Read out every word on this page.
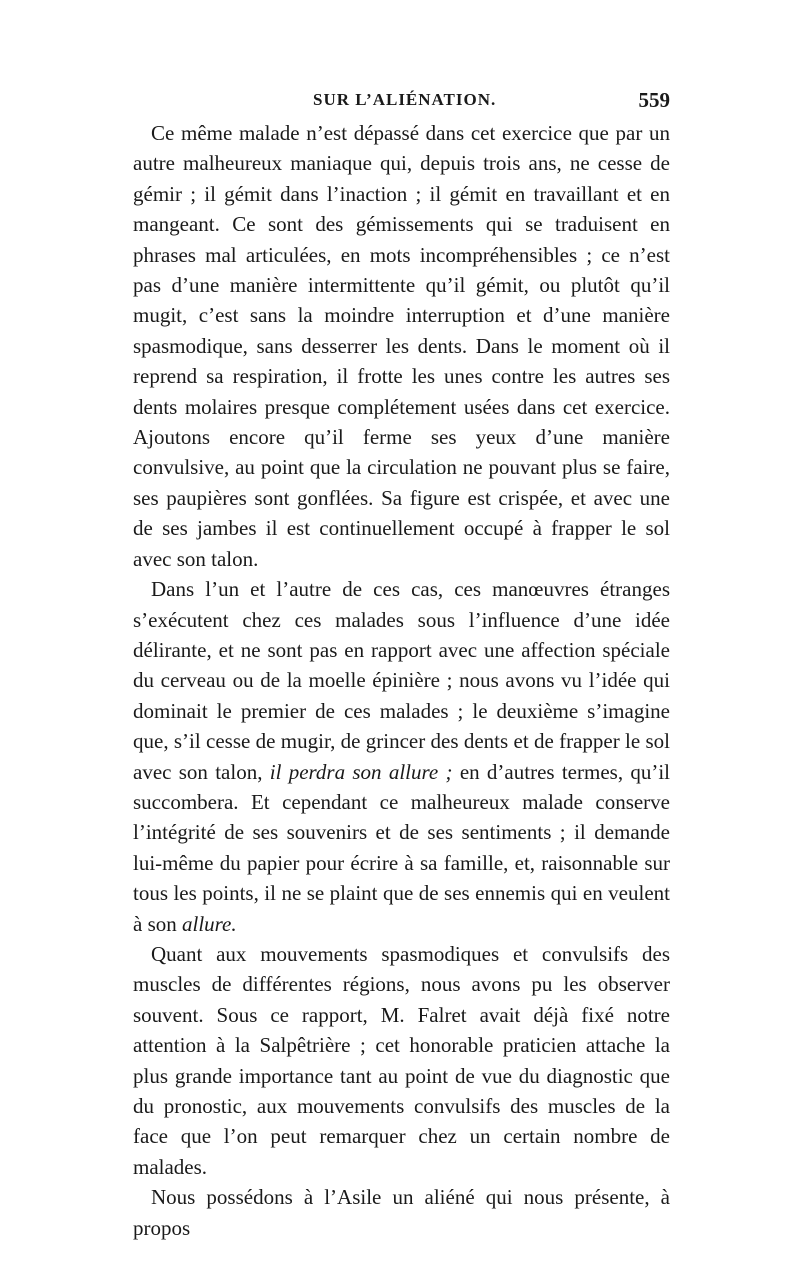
SUR L’ALIÉNATION.	559

Ce même malade n’est dépassé dans cet exercice que par un autre malheureux maniaque qui, depuis trois ans, ne cesse de gémir ; il gémit dans l’inaction ; il gémit en travaillant et en mangeant. Ce sont des gémissements qui se traduisent en phrases mal articulées, en mots incompréhensibles ; ce n’est pas d’une manière intermittente qu’il gémit, ou plutôt qu’il mugit, c’est sans la moindre interruption et d’une manière spasmodique, sans desserrer les dents. Dans le moment où il reprend sa respiration, il frotte les unes contre les autres ses dents molaires presque complétement usées dans cet exercice. Ajoutons encore qu’il ferme ses yeux d’une manière convulsive, au point que la circulation ne pouvant plus se faire, ses paupières sont gonflées. Sa figure est crispée, et avec une de ses jambes il est continuellement occupé à frapper le sol avec son talon.

Dans l’un et l’autre de ces cas, ces manœuvres étranges s’exécutent chez ces malades sous l’influence d’une idée délirante, et ne sont pas en rapport avec une affection spéciale du cerveau ou de la moelle épinière ; nous avons vu l’idée qui dominait le premier de ces malades ; le deuxième s’imagine que, s’il cesse de mugir, de grincer des dents et de frapper le sol avec son talon, il perdra son allure ; en d’autres termes, qu’il succombera. Et cependant ce malheureux malade conserve l’intégrité de ses souvenirs et de ses sentiments ; il demande lui-même du papier pour écrire à sa famille, et, raisonnable sur tous les points, il ne se plaint que de ses ennemis qui en veulent à son allure.

Quant aux mouvements spasmodiques et convulsifs des muscles de différentes régions, nous avons pu les observer souvent. Sous ce rapport, M. Falret avait déjà fixé notre attention à la Salpêtrière ; cet honorable praticien attache la plus grande importance tant au point de vue du diagnostic que du pronostic, aux mouvements convulsifs des muscles de la face que l’on peut remarquer chez un certain nombre de malades.

Nous possédons à l’Asile un aliéné qui nous présente, à propos
